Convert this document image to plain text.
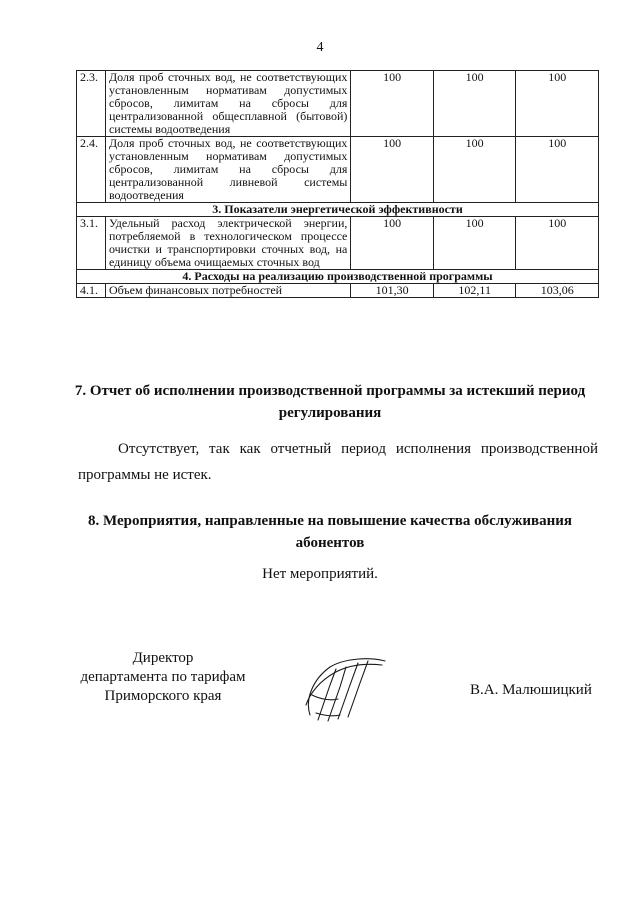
4
2.3.	Доля проб сточных вод, не соответствующих установленным нормативам допустимых сбросов, лимитам на сбросы для централизованной общесплавной (бытовой) системы водоотведения	100	100	100
2.4.	Доля проб сточных вод, не соответствующих установленным нормативам допустимых сбросов, лимитам на сбросы для централизованной ливневой системы водоотведения	100	100	100
3. Показатели энергетической эффективности				
3.1.	Удельный расход электрической энергии, потребляемой в технологическом процессе очистки и транспортировки сточных вод, на единицу объема очищаемых сточных вод	100	100	100
4. Расходы на реализацию производственной программы				
4.1.	Объем финансовых потребностей	101,30	102,11	103,06
7. Отчет об исполнении производственной программы за истекший период регулирования
Отсутствует, так как отчетный период исполнения производственной программы не истек.
8. Мероприятия, направленные на повышение качества обслуживания абонентов
Нет мероприятий.
Директор
департамента по тарифам
Приморского края	В.А. Малюшицкий
